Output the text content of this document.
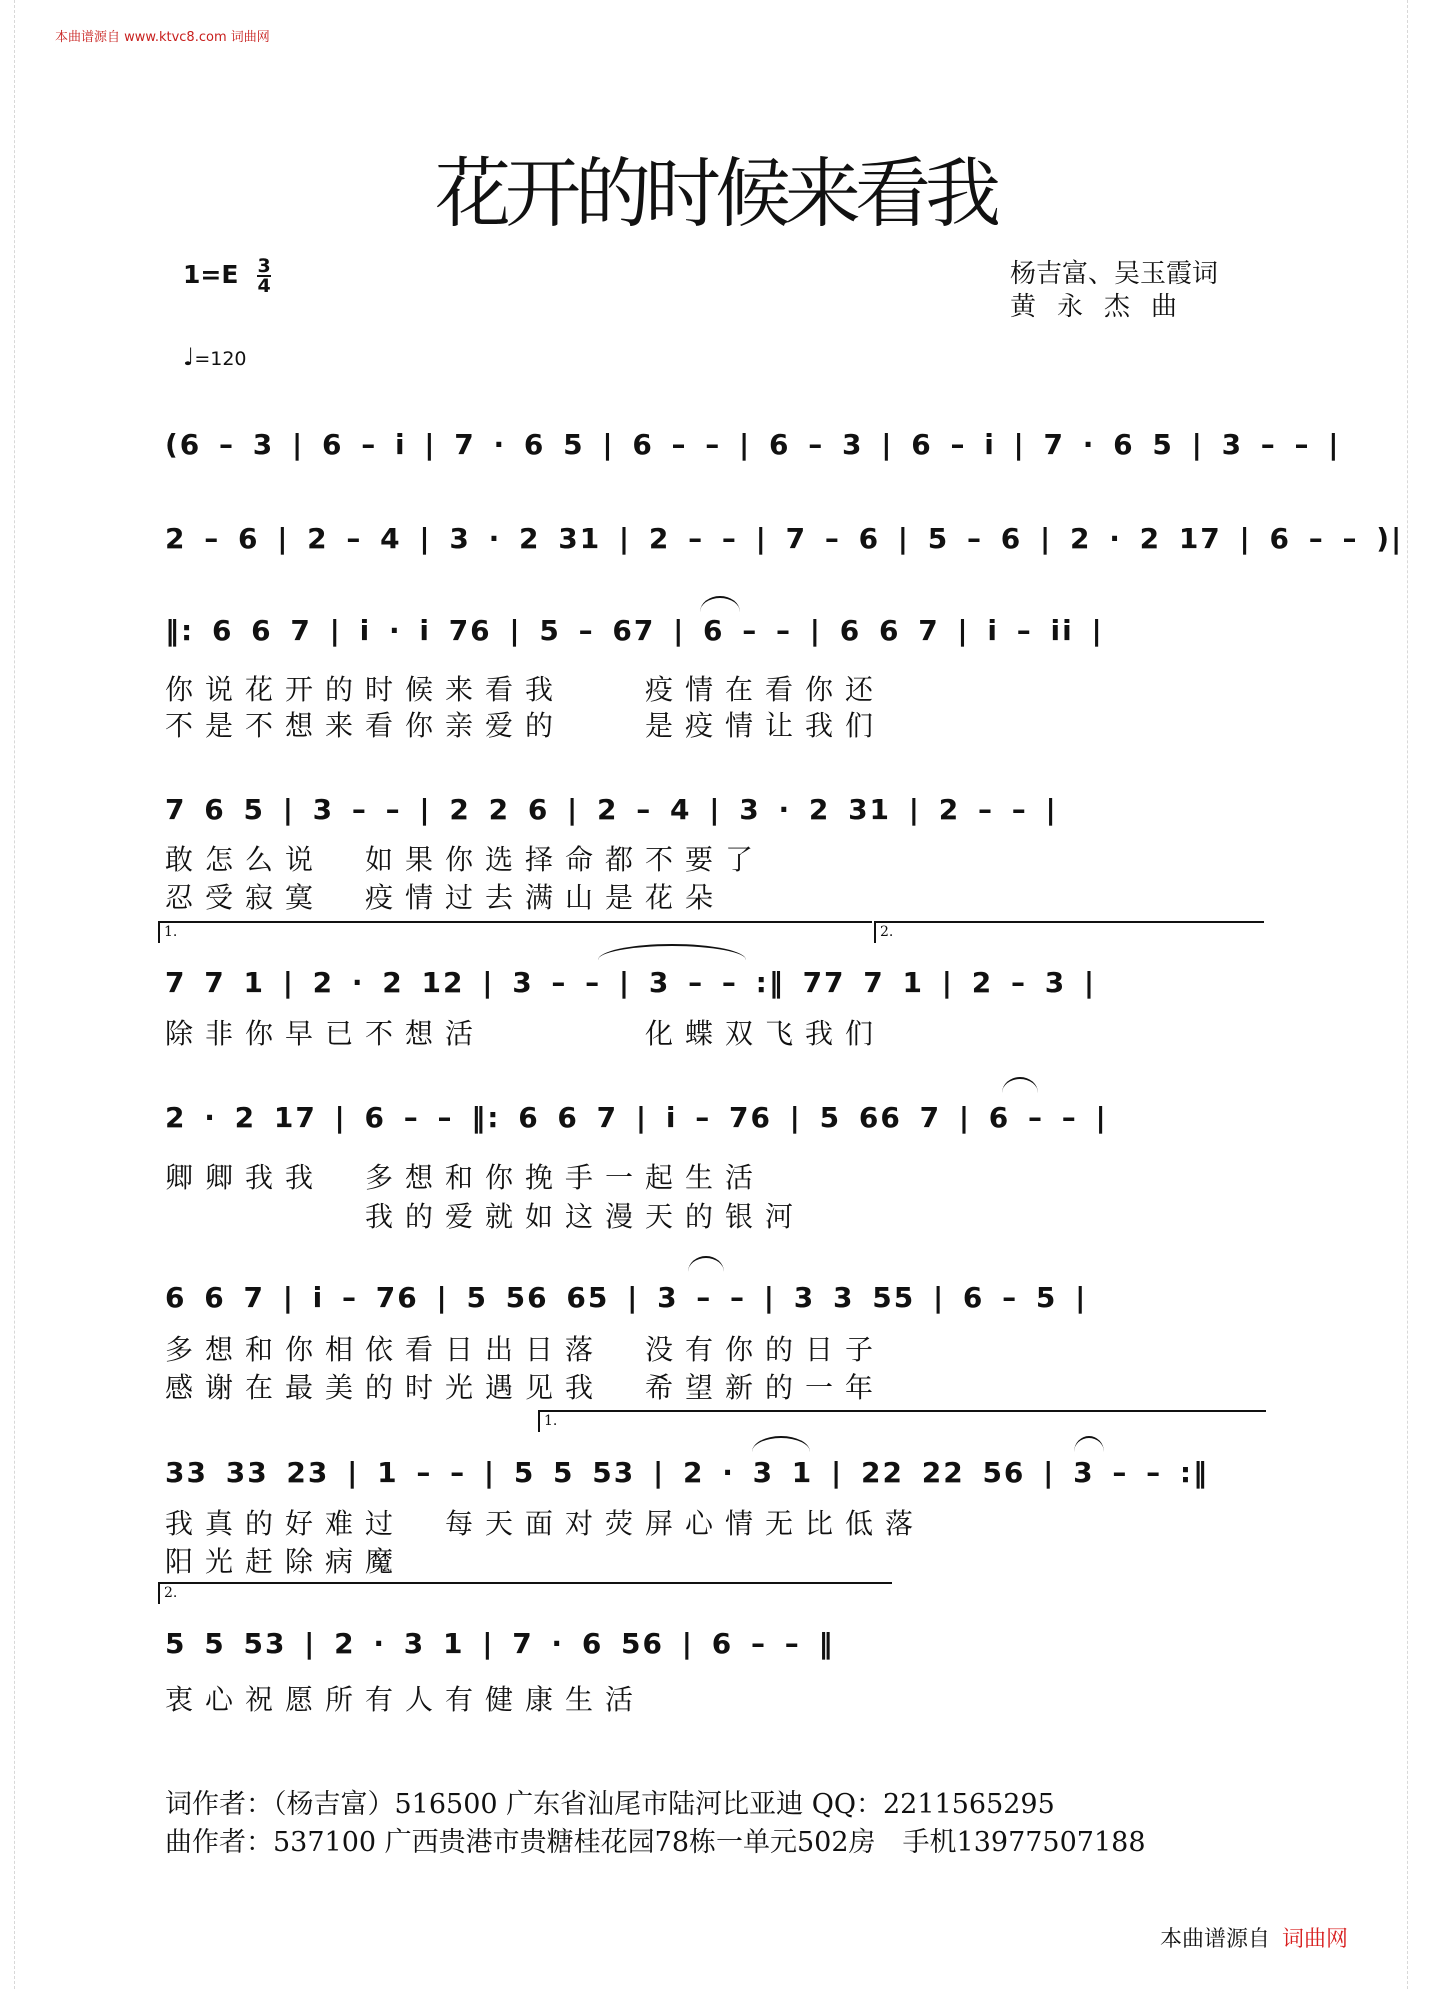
本曲谱源自 www.ktvc8.com 词曲网
花开的时候来看我
$1=E \frac{3}{4}$
♩=120
杨吉富、吴玉霞词
黄永杰曲
(6 – 3 | 6 – i | 7 · 6 5 | 6 – – | 6 – 3 | 6 – i | 7 · 6 5 | 3 – – |
2 – 6 | 2 – 4 | 3 · 2 31 | 2 – – | 7 – 6 | 5 – 6 | 2 · 2 17 | 6 – – )|
‖: 6 6 7 | i · i 76 | 5 – 67 | 6 – – | 6 6 7 | i – ii |
你说花开的时候来看我　　疫情在看你还
不是不想来看你亲爱的　　是疫情让我们
7 6 5 | 3 – – | 2 2 6 | 2 – 4 | 3 · 2 31 | 2 – – |
敢怎么说　如果你选择命都不要了
忍受寂寞　疫情过去满山是花朵
1.	2.
7 7 1 | 2 · 2 12 | 3 – – | 3 – – :‖ 77 7 1 | 2 – 3 |
除非你早已不想活　　　　化蝶双飞我们
2 · 2 17 | 6 – – ‖: 6 6 7 | i – 76 | 5 66 7 | 6 – – |
卿卿我我　多想和你挽手一起生活
　　　　　我的爱就如这漫天的银河
6 6 7 | i – 76 | 5 56 65 | 3 – – | 3 3 55 | 6 – 5 |
多想和你相依看日出日落　没有你的日子
感谢在最美的时光遇见我　希望新的一年
1.
33 33 23 | 1 – – | 5 5 53 | 2 · 3 1 | 22 22 56 | 3 – – :‖
我真的好难过　每天面对荧屏心情无比低落
阳光赶除病魔
2.
5 5 53 | 2 · 3 1 | 7 · 6 56 | 6 – – ‖
衷心祝愿所有人有健康生活
词作者：（杨吉富）516500 广东省汕尾市陆河比亚迪 QQ：2211565295
曲作者：537100 广西贵港市贵糖桂花园78栋一单元502房　手机13977507188
本曲谱源自 词曲网
